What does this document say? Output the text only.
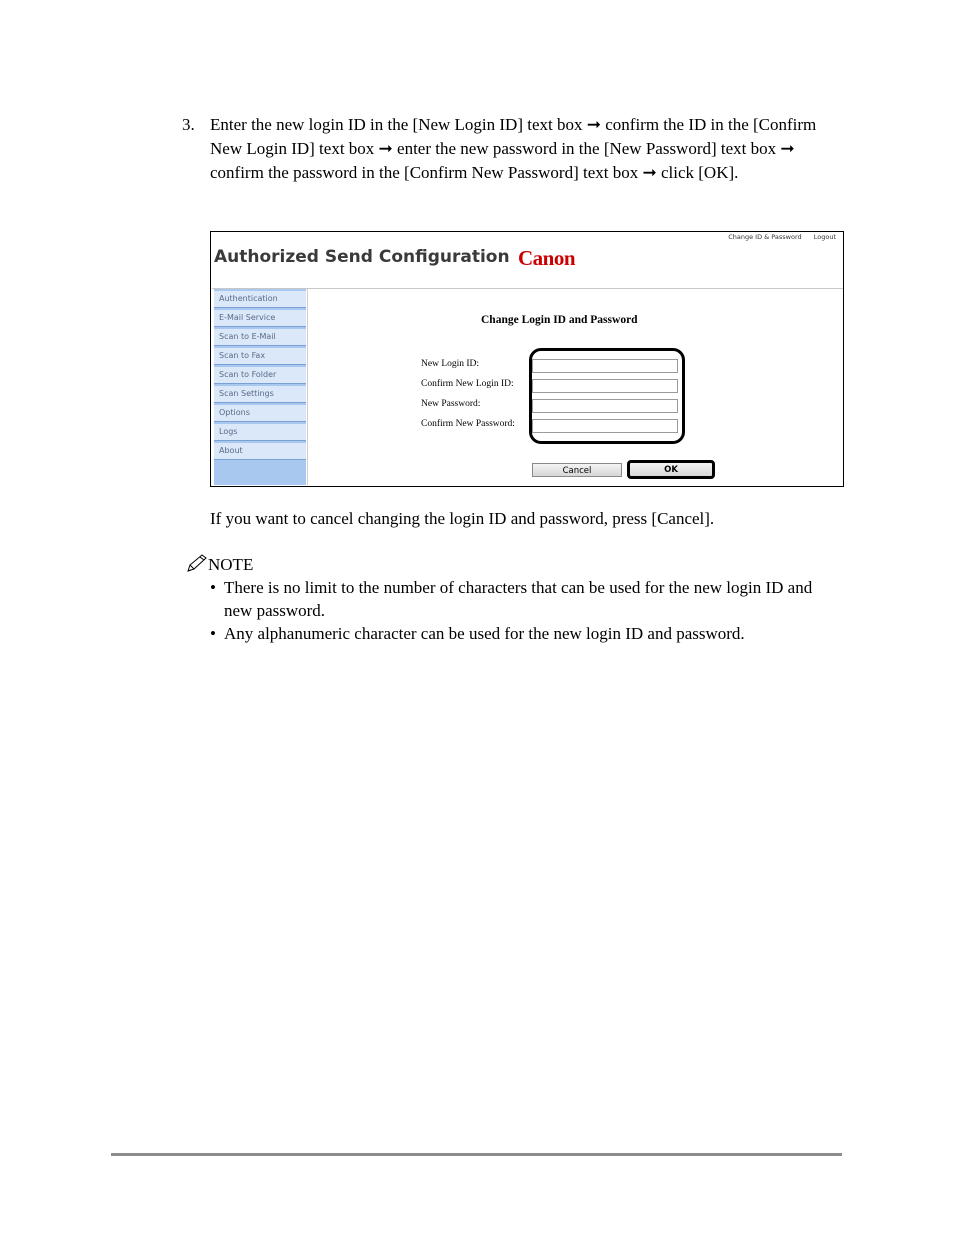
3. Enter the new login ID in the [New Login ID] text box ➞ confirm the ID in the [Confirm New Login ID] text box ➞ enter the new password in the [New Password] text box ➞ confirm the password in the [Confirm New Password] text box ➞ click [OK].
Change ID & Password Logout
Authorized Send Configuration Canon
Authentication
E-Mail Service
Scan to E-Mail
Scan to Fax
Scan to Folder
Scan Settings
Options
Logs
About
Change Login ID and Password
New Login ID:
Confirm New Login ID:
New Password:
Confirm New Password:
Cancel	OK
If you want to cancel changing the login ID and password, press [Cancel].
NOTE
• There is no limit to the number of characters that can be used for the new login ID and new password.
• Any alphanumeric character can be used for the new login ID and password.
